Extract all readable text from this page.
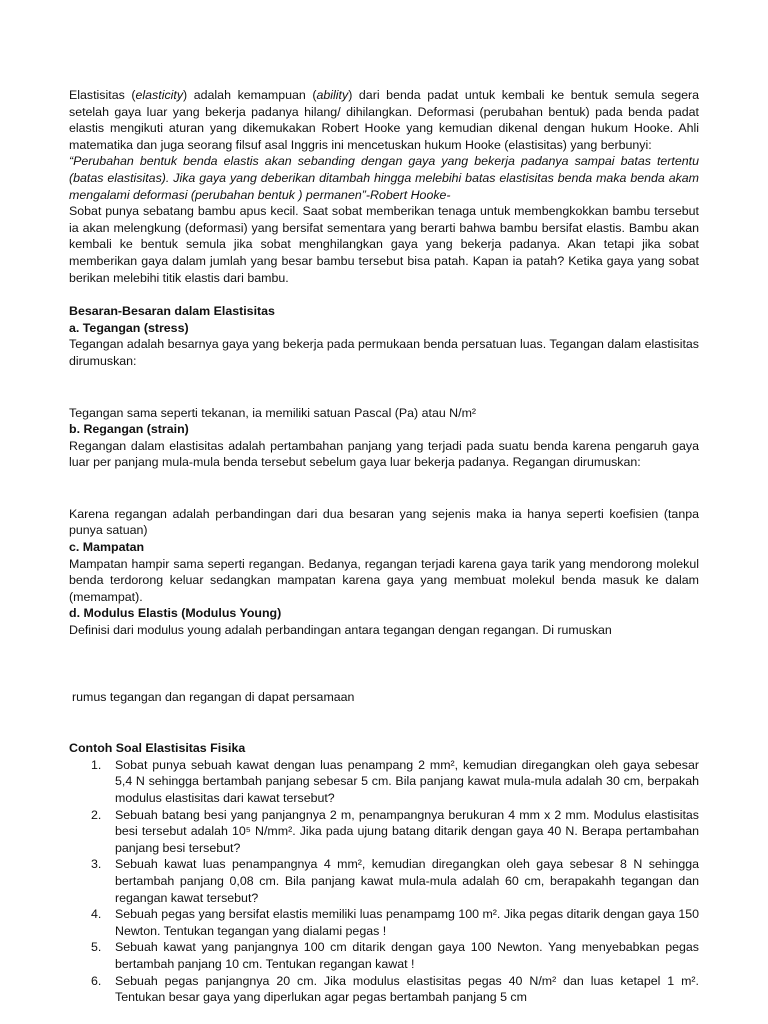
Elastisitas (elasticity) adalah kemampuan (ability) dari benda padat untuk kembali ke bentuk semula segera setelah gaya luar yang bekerja padanya hilang/ dihilangkan. Deformasi (perubahan bentuk) pada benda padat elastis mengikuti aturan yang dikemukakan Robert Hooke yang kemudian dikenal dengan hukum Hooke. Ahli matematika dan juga seorang filsuf asal Inggris ini mencetuskan hukum Hooke (elastisitas) yang berbunyi:

“Perubahan bentuk benda elastis akan sebanding dengan gaya yang bekerja padanya sampai batas tertentu (batas elastisitas). Jika gaya yang deberikan ditambah hingga melebihi batas elastisitas benda maka benda akam mengalami deformasi (perubahan bentuk ) permanen”-Robert Hooke-

Sobat punya sebatang bambu apus kecil. Saat sobat memberikan tenaga untuk membengkokkan bambu tersebut ia akan melengkung (deformasi) yang bersifat sementara yang berarti bahwa bambu bersifat elastis. Bambu akan kembali ke bentuk semula jika sobat menghilangkan gaya yang bekerja padanya. Akan tetapi jika sobat memberikan gaya dalam jumlah yang besar bambu tersebut bisa patah. Kapan ia patah? Ketika gaya yang sobat berikan melebihi titik elastis dari bambu.

Besaran-Besaran dalam Elastisitas

a. Tegangan (stress)

Tegangan adalah besarnya gaya yang bekerja pada permukaan benda persatuan luas. Tegangan dalam elastisitas dirumuskan:

Tegangan sama seperti tekanan, ia memiliki satuan Pascal (Pa) atau N/m²

b. Regangan (strain)

Regangan dalam elastisitas adalah pertambahan panjang yang terjadi pada suatu benda karena pengaruh gaya luar per panjang mula-mula benda tersebut sebelum gaya luar bekerja padanya. Regangan dirumuskan:

Karena regangan adalah perbandingan dari dua besaran yang sejenis maka ia hanya seperti koefisien (tanpa punya satuan)

c. Mampatan

Mampatan hampir sama seperti regangan. Bedanya, regangan terjadi karena gaya tarik yang mendorong molekul benda terdorong keluar sedangkan mampatan karena gaya yang membuat molekul benda masuk ke dalam (memampat).

d. Modulus Elastis (Modulus Young)

Definisi dari modulus young adalah perbandingan antara tegangan dengan regangan. Di rumuskan

rumus tegangan dan regangan di dapat persamaan

Contoh Soal Elastisitas Fisika

1. Sobat punya sebuah kawat dengan luas penampang 2 mm², kemudian diregangkan oleh gaya sebesar 5,4 N sehingga bertambah panjang sebesar 5 cm. Bila panjang kawat mula-mula adalah 30 cm, berpakah modulus elastisitas dari kawat tersebut?
2. Sebuah batang besi yang panjangnya 2 m, penampangnya berukuran 4 mm x 2 mm. Modulus elastisitas besi tersebut adalah 10⁵ N/mm². Jika pada ujung batang ditarik dengan gaya 40 N. Berapa pertambahan panjang besi tersebut?
3. Sebuah kawat luas penampangnya 4 mm², kemudian diregangkan oleh gaya sebesar 8 N sehingga bertambah panjang 0,08 cm. Bila panjang kawat mula-mula adalah 60 cm, berapakahh tegangan dan regangan kawat tersebut?
4. Sebuah pegas yang bersifat elastis memiliki luas penampamg 100 m². Jika pegas ditarik dengan gaya 150 Newton. Tentukan tegangan yang dialami pegas !
5. Sebuah kawat yang panjangnya 100 cm ditarik dengan gaya 100 Newton. Yang menyebabkan pegas bertambah panjang 10 cm. Tentukan regangan kawat !
6. Sebuah pegas panjangnya 20 cm. Jika modulus elastisitas pegas 40 N/m² dan luas ketapel 1 m². Tentukan besar gaya yang diperlukan agar pegas bertambah panjang 5 cm
